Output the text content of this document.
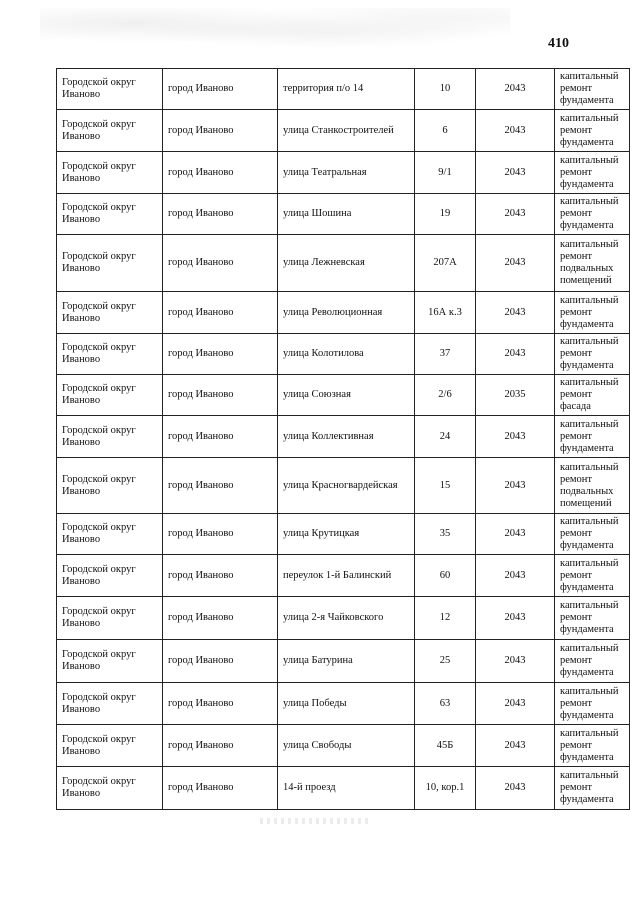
410
Городской округ Иваново	город Иваново	территория п/о 14	10	2043	капитальный ремонт фундамента
Городской округ Иваново	город Иваново	улица Станкостроителей	6	2043	капитальный ремонт фундамента
Городской округ Иваново	город Иваново	улица Театральная	9/1	2043	капитальный ремонт фундамента
Городской округ Иваново	город Иваново	улица Шошина	19	2043	капитальный ремонт фундамента
Городской округ Иваново	город Иваново	улица Лежневская	207А	2043	капитальный ремонт подвальных помещений
Городской округ Иваново	город Иваново	улица Революционная	16А к.3	2043	капитальный ремонт фундамента
Городской округ Иваново	город Иваново	улица Колотилова	37	2043	капитальный ремонт фундамента
Городской округ Иваново	город Иваново	улица Союзная	2/6	2035	капитальный ремонт фасада
Городской округ Иваново	город Иваново	улица Коллективная	24	2043	капитальный ремонт фундамента
Городской округ Иваново	город Иваново	улица Красногвардейская	15	2043	капитальный ремонт подвальных помещений
Городской округ Иваново	город Иваново	улица Крутицкая	35	2043	капитальный ремонт фундамента
Городской округ Иваново	город Иваново	переулок 1-й Балинский	60	2043	капитальный ремонт фундамента
Городской округ Иваново	город Иваново	улица 2-я Чайковского	12	2043	капитальный ремонт фундамента
Городской округ Иваново	город Иваново	улица Батурина	25	2043	капитальный ремонт фундамента
Городской округ Иваново	город Иваново	улица Победы	63	2043	капитальный ремонт фундамента
Городской округ Иваново	город Иваново	улица Свободы	45Б	2043	капитальный ремонт фундамента
Городской округ Иваново	город Иваново	14-й проезд	10, кор.1	2043	капитальный ремонт фундамента
